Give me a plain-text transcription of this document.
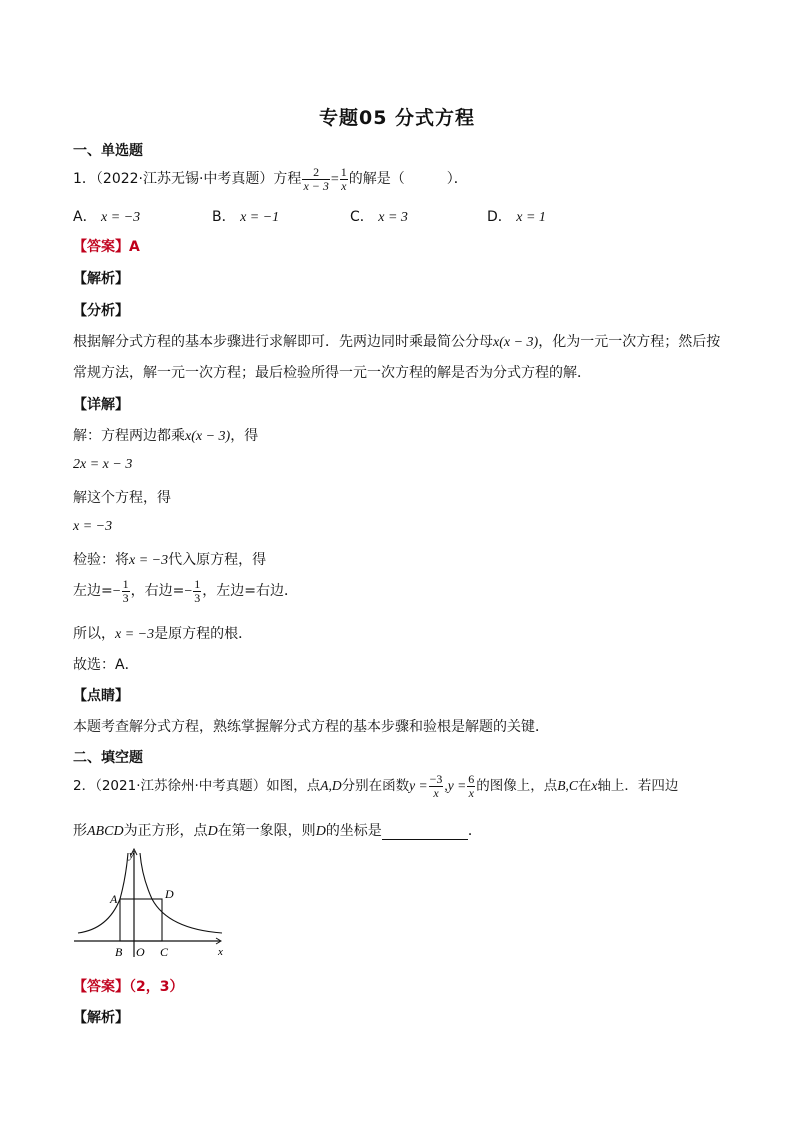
专题05 分式方程
一、单选题
1．（2022·江苏无锡·中考真题）方程 $\frac{2}{x - 3} = \frac{1}{x}$ 的解是（	）．
A． x = −3	B． x = −1	C． x = 3	D． x = 1
【答案】A
【解析】
【分析】
根据解分式方程的基本步骤进行求解即可．先两边同时乘最简公分母x(x − 3)，化为一元一次方程；然后按
常规方法，解一元一次方程；最后检验所得一元一次方程的解是否为分式方程的解．
【详解】
解：方程两边都乘x(x − 3)，得
2x = x − 3
解这个方程，得
x = −3
检验：将x = −3代入原方程，得
左边=− $\frac{1}{3}$ ，右边=− $\frac{1}{3}$ ，左边=右边．
所以，x = −3是原方程的根．
故选：A．
【点睛】
本题考查解分式方程，熟练掌握解分式方程的基本步骤和验根是解题的关键．
二、填空题
2．（2021·江苏徐州·中考真题）如图，点A,D分别在函数$y = \frac{-3}{x} ,y = \frac{6}{x}$ 的图像上，点B,C在x轴上．若四边
形ABCD为正方形，点D在第一象限，则D的坐标是	．
y
x
A	D
B O C
【答案】（2，3）
【解析】
